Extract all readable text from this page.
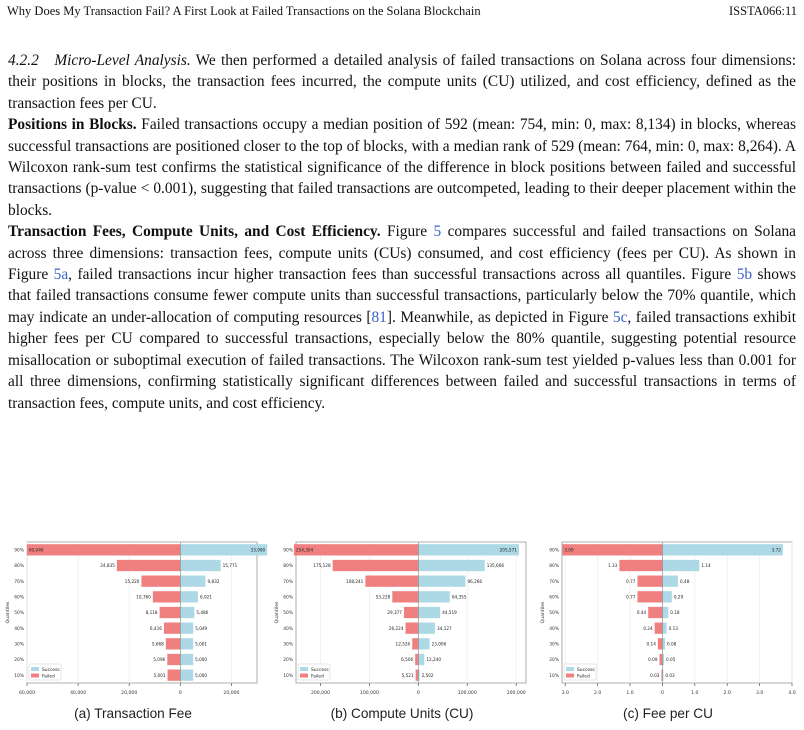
Why Does My Transaction Fail? A First Look at Failed Transactions on the Solana Blockchain	ISSTA066:11

4.2.2 Micro-Level Analysis. We then performed a detailed analysis of failed transactions on Solana across four dimensions: their positions in blocks, the transaction fees incurred, the compute units (CU) utilized, and cost efficiency, defined as the transaction fees per CU.

Positions in Blocks. Failed transactions occupy a median position of 592 (mean: 754, min: 0, max: 8,134) in blocks, whereas successful transactions are positioned closer to the top of blocks, with a median rank of 529 (mean: 764, min: 0, max: 8,264). A Wilcoxon rank-sum test confirms the statistical significance of the difference in block positions between failed and successful transactions (p-value < 0.001), suggesting that failed transactions are outcompeted, leading to their deeper placement within the blocks.

Transaction Fees, Compute Units, and Cost Efficiency. Figure 5 compares successful and failed transactions on Solana across three dimensions: transaction fees, compute units (CUs) consumed, and cost efficiency (fees per CU). As shown in Figure 5a, failed transactions incur higher transaction fees than successful transactions across all quantiles. Figure 5b shows that failed transactions consume fewer compute units than successful transactions, particularly below the 70% quantile, which may indicate an under-allocation of computing resources [81]. Meanwhile, as depicted in Figure 5c, failed transactions exhibit higher fees per CU compared to successful transactions, especially below the 80% quantile, suggesting potential resource misallocation or suboptimal execution of failed transactions. The Wilcoxon rank-sum test yielded p-values less than 0.001 for all three dimensions, confirming statistically significant differences between failed and successful transactions in terms of transaction fees, compute units, and cost efficiency.

60,000	40,000	20,000	0	20,000
Quantiles
90% 60,046	33,990
80%	24,835	15,771
70%	15,220	9,832
60%	10,760	6,921
50%	8,118	5,486
40%	6,416	5,049
30%	5,668	5,001
20%	5,096	5,000
10%	5,001	5,000
Success
Failed
(a) Transaction Fee
200,000	100,000	0	100,000	200,000
Quantiles
90% 254,304	205,571
80%	175,128	135,666
70%	108,241	96,266
60%	53,228	64,355
50%	29,377	44,519
40%	26,224	34,127
30%	12,526	23,006
20%	6,506	12,240
10%	5,521 2,502
Success
Failed
(b) Compute Units (CU)
3.0	2.0	1.0	0	1.0	2.0	3.0	4.0
Quantiles
90% 3.09	3.72
80%	1.33	1.14
70%	0.77	0.48
60%	0.77	0.29
50%	0.44	0.18
40%	0.24	0.13
30%	0.14	0.08
20%	0.09 0.05
10%	0.03 0.03
Success
Failed
(c) Fee per CU
